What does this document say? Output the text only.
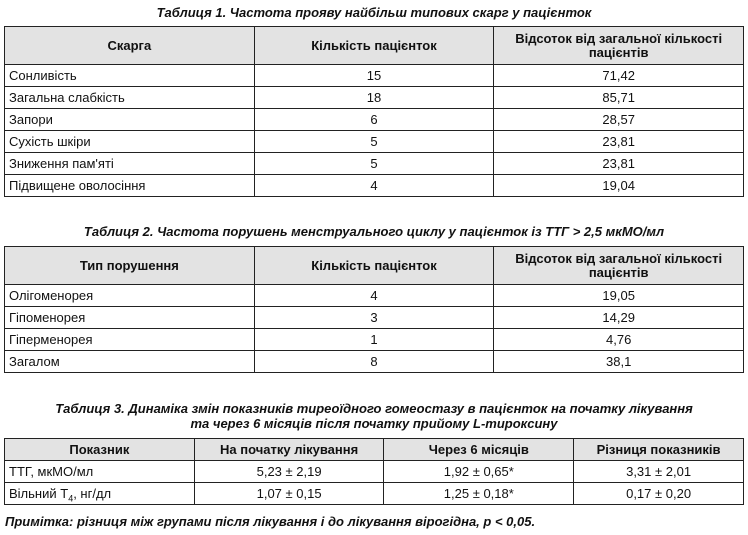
Таблиця 1. Частота прояву найбільш типових скарг у пацієнток
Скарга	Кількість пацієнток	Відсоток від загальної кількості пацієнтів
Сонливість	15	71,42
Загальна слабкість	18	85,71
Запори	6	28,57
Сухість шкіри	5	23,81
Зниження пам'яті	5	23,81
Підвищене оволосіння	4	19,04
Таблиця 2. Частота порушень менструального циклу у пацієнток із ТТГ > 2,5 мкМО/мл
Тип порушення	Кількість пацієнток	Відсоток від загальної кількості пацієнтів
Олігоменорея	4	19,05
Гіпоменорея	3	14,29
Гіперменорея	1	4,76
Загалом	8	38,1
Таблиця 3. Динаміка змін показників тиреоїдного гомеостазу в пацієнток на початку лікування
та через 6 місяців після початку прийому L-тироксину
Показник	На початку лікування	Через 6 місяців	Різниця показників
ТТГ, мкМО/мл	5,23 ± 2,19	1,92 ± 0,65*	3,31 ± 2,01
Вільний $Т_4$, нг/дл	1,07 ± 0,15	1,25 ± 0,18*	0,17 ± 0,20
Примітка: різниця між групами після лікування і до лікування вірогідна, р < 0,05.
